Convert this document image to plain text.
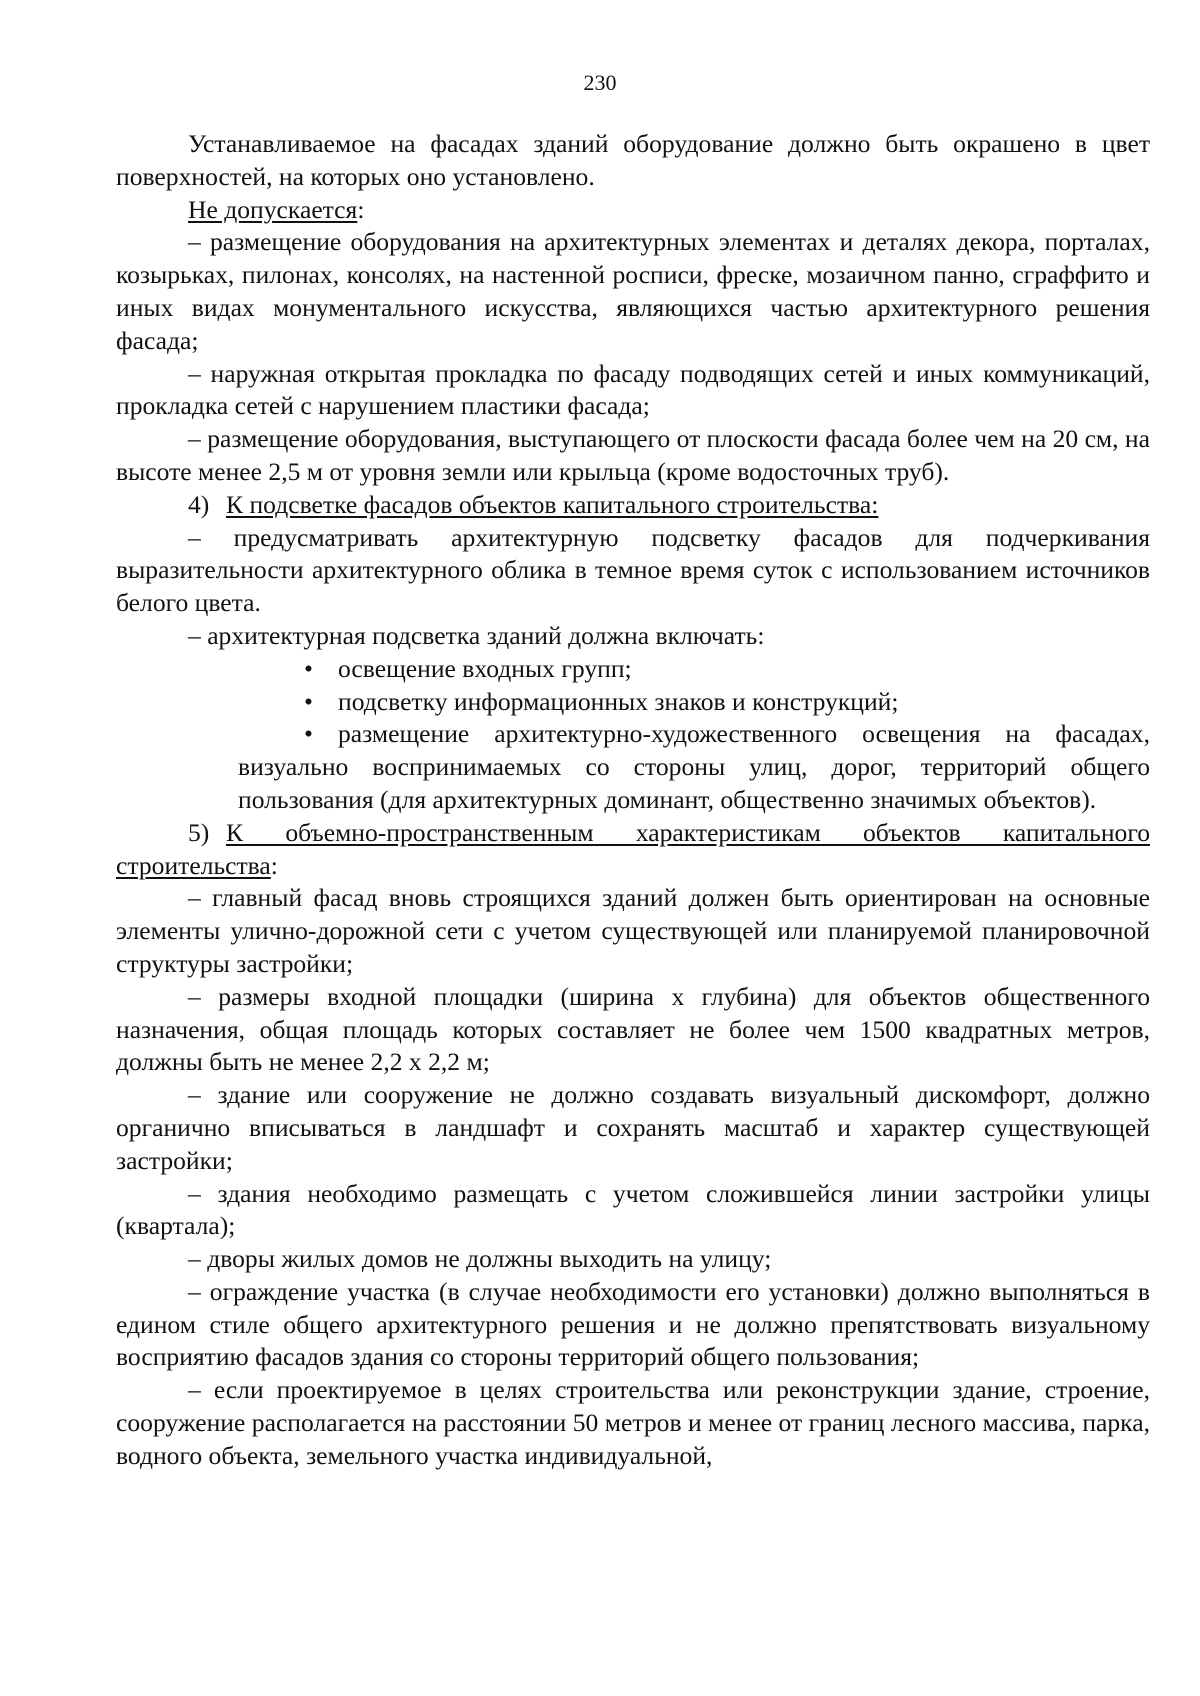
230

Устанавливаемое на фасадах зданий оборудование должно быть окрашено в цвет поверхностей, на которых оно установлено.

Не допускается:

– размещение оборудования на архитектурных элементах и деталях декора, порталах, козырьках, пилонах, консолях, на настенной росписи, фреске, мозаичном панно, сграффито и иных видах монументального искусства, являющихся частью архитектурного решения фасада;

– наружная открытая прокладка по фасаду подводящих сетей и иных коммуникаций, прокладка сетей с нарушением пластики фасада;

– размещение оборудования, выступающего от плоскости фасада более чем на 20 см, на высоте менее 2,5 м от уровня земли или крыльца (кроме водосточных труб).

4) К подсветке фасадов объектов капитального строительства:

– предусматривать архитектурную подсветку фасадов для подчеркивания выразительности архитектурного облика в темное время суток с использованием источников белого цвета.

– архитектурная подсветка зданий должна включать:

• освещение входных групп;
• подсветку информационных знаков и конструкций;
• размещение архитектурно-художественного освещения на фасадах, визуально воспринимаемых со стороны улиц, дорог, территорий общего пользования (для архитектурных доминант, общественно значимых объектов).

5) К объемно-пространственным характеристикам объектов капитального строительства:

– главный фасад вновь строящихся зданий должен быть ориентирован на основные элементы улично-дорожной сети с учетом существующей или планируемой планировочной структуры застройки;

– размеры входной площадки (ширина х глубина) для объектов общественного назначения, общая площадь которых составляет не более чем 1500 квадратных метров, должны быть не менее 2,2 х 2,2 м;

– здание или сооружение не должно создавать визуальный дискомфорт, должно органично вписываться в ландшафт и сохранять масштаб и характер существующей застройки;

– здания необходимо размещать с учетом сложившейся линии застройки улицы (квартала);

– дворы жилых домов не должны выходить на улицу;

– ограждение участка (в случае необходимости его установки) должно выполняться в едином стиле общего архитектурного решения и не должно препятствовать визуальному восприятию фасадов здания со стороны территорий общего пользования;

– если проектируемое в целях строительства или реконструкции здание, строение, сооружение располагается на расстоянии 50 метров и менее от границ лесного массива, парка, водного объекта, земельного участка индивидуальной,
